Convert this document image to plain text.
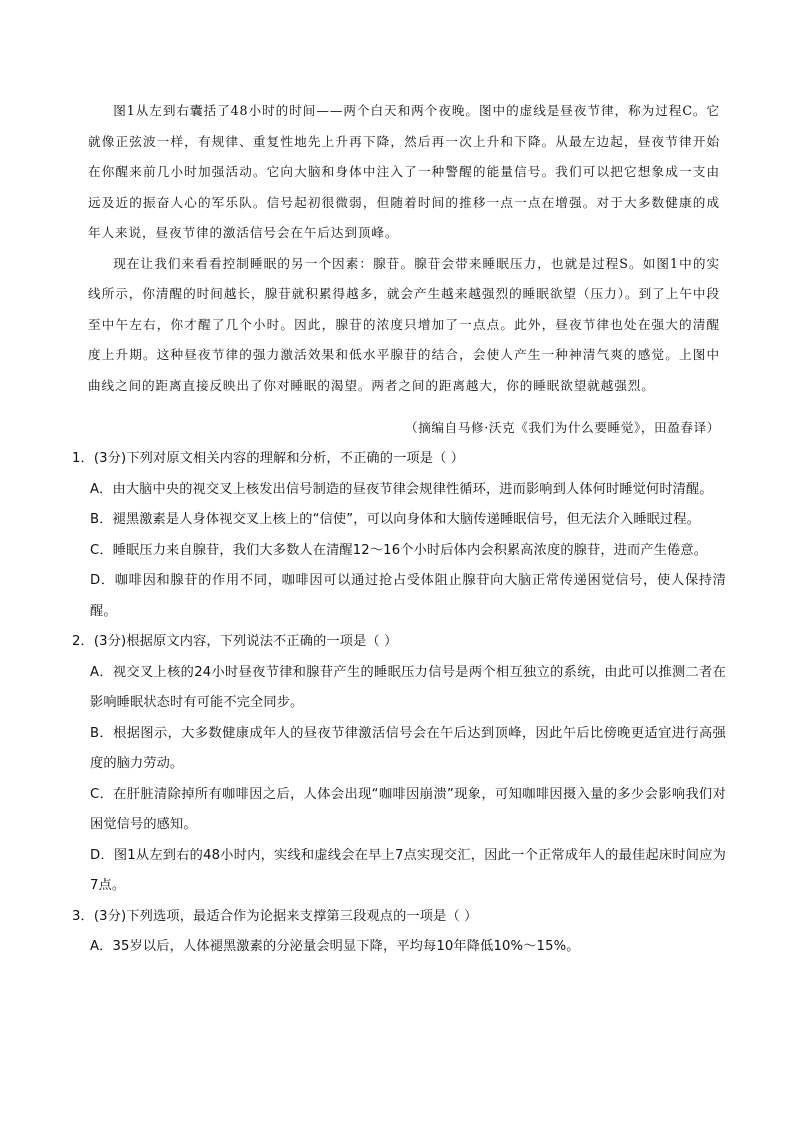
图1从左到右囊括了48小时的时间——两个白天和两个夜晚。图中的虚线是昼夜节律，称为过程C。它就像正弦波一样，有规律、重复性地先上升再下降，然后再一次上升和下降。从最左边起，昼夜节律开始在你醒来前几小时加强活动。它向大脑和身体中注入了一种警醒的能量信号。我们可以把它想象成一支由远及近的振奋人心的军乐队。信号起初很微弱，但随着时间的推移一点一点在增强。对于大多数健康的成年人来说，昼夜节律的激活信号会在午后达到顶峰。

现在让我们来看看控制睡眠的另一个因素：腺苷。腺苷会带来睡眠压力，也就是过程S。如图1中的实线所示，你清醒的时间越长，腺苷就积累得越多，就会产生越来越强烈的睡眠欲望（压力）。到了上午中段至中午左右，你才醒了几个小时。因此，腺苷的浓度只增加了一点点。此外，昼夜节律也处在强大的清醒度上升期。这种昼夜节律的强力激活效果和低水平腺苷的结合，会使人产生一种神清气爽的感觉。上图中曲线之间的距离直接反映出了你对睡眠的渴望。两者之间的距离越大，你的睡眠欲望就越强烈。

（摘编自马修·沃克《我们为什么要睡觉》，田盈春译）

1．(3分)下列对原文相关内容的理解和分析，不正确的一项是（ ）

A．由大脑中央的视交叉上核发出信号制造的昼夜节律会规律性循环，进而影响到人体何时睡觉何时清醒。

B．褪黑激素是人身体视交叉上核上的“信使”，可以向身体和大脑传递睡眠信号，但无法介入睡眠过程。

C．睡眠压力来自腺苷，我们大多数人在清醒12～16个小时后体内会积累高浓度的腺苷，进而产生倦意。

D．咖啡因和腺苷的作用不同，咖啡因可以通过抢占受体阻止腺苷向大脑正常传递困觉信号，使人保持清醒。

2．(3分)根据原文内容，下列说法不正确的一项是（ ）

A．视交叉上核的24小时昼夜节律和腺苷产生的睡眠压力信号是两个相互独立的系统，由此可以推测二者在影响睡眠状态时有可能不完全同步。

B．根据图示，大多数健康成年人的昼夜节律激活信号会在午后达到顶峰，因此午后比傍晚更适宜进行高强度的脑力劳动。

C．在肝脏清除掉所有咖啡因之后，人体会出现“咖啡因崩溃”现象，可知咖啡因摄入量的多少会影响我们对困觉信号的感知。

D．图1从左到右的48小时内，实线和虚线会在早上7点实现交汇，因此一个正常成年人的最佳起床时间应为7点。

3．(3分)下列选项，最适合作为论据来支撑第三段观点的一项是（ ）

A．35岁以后，人体褪黑激素的分泌量会明显下降，平均每10年降低10%～15%。
